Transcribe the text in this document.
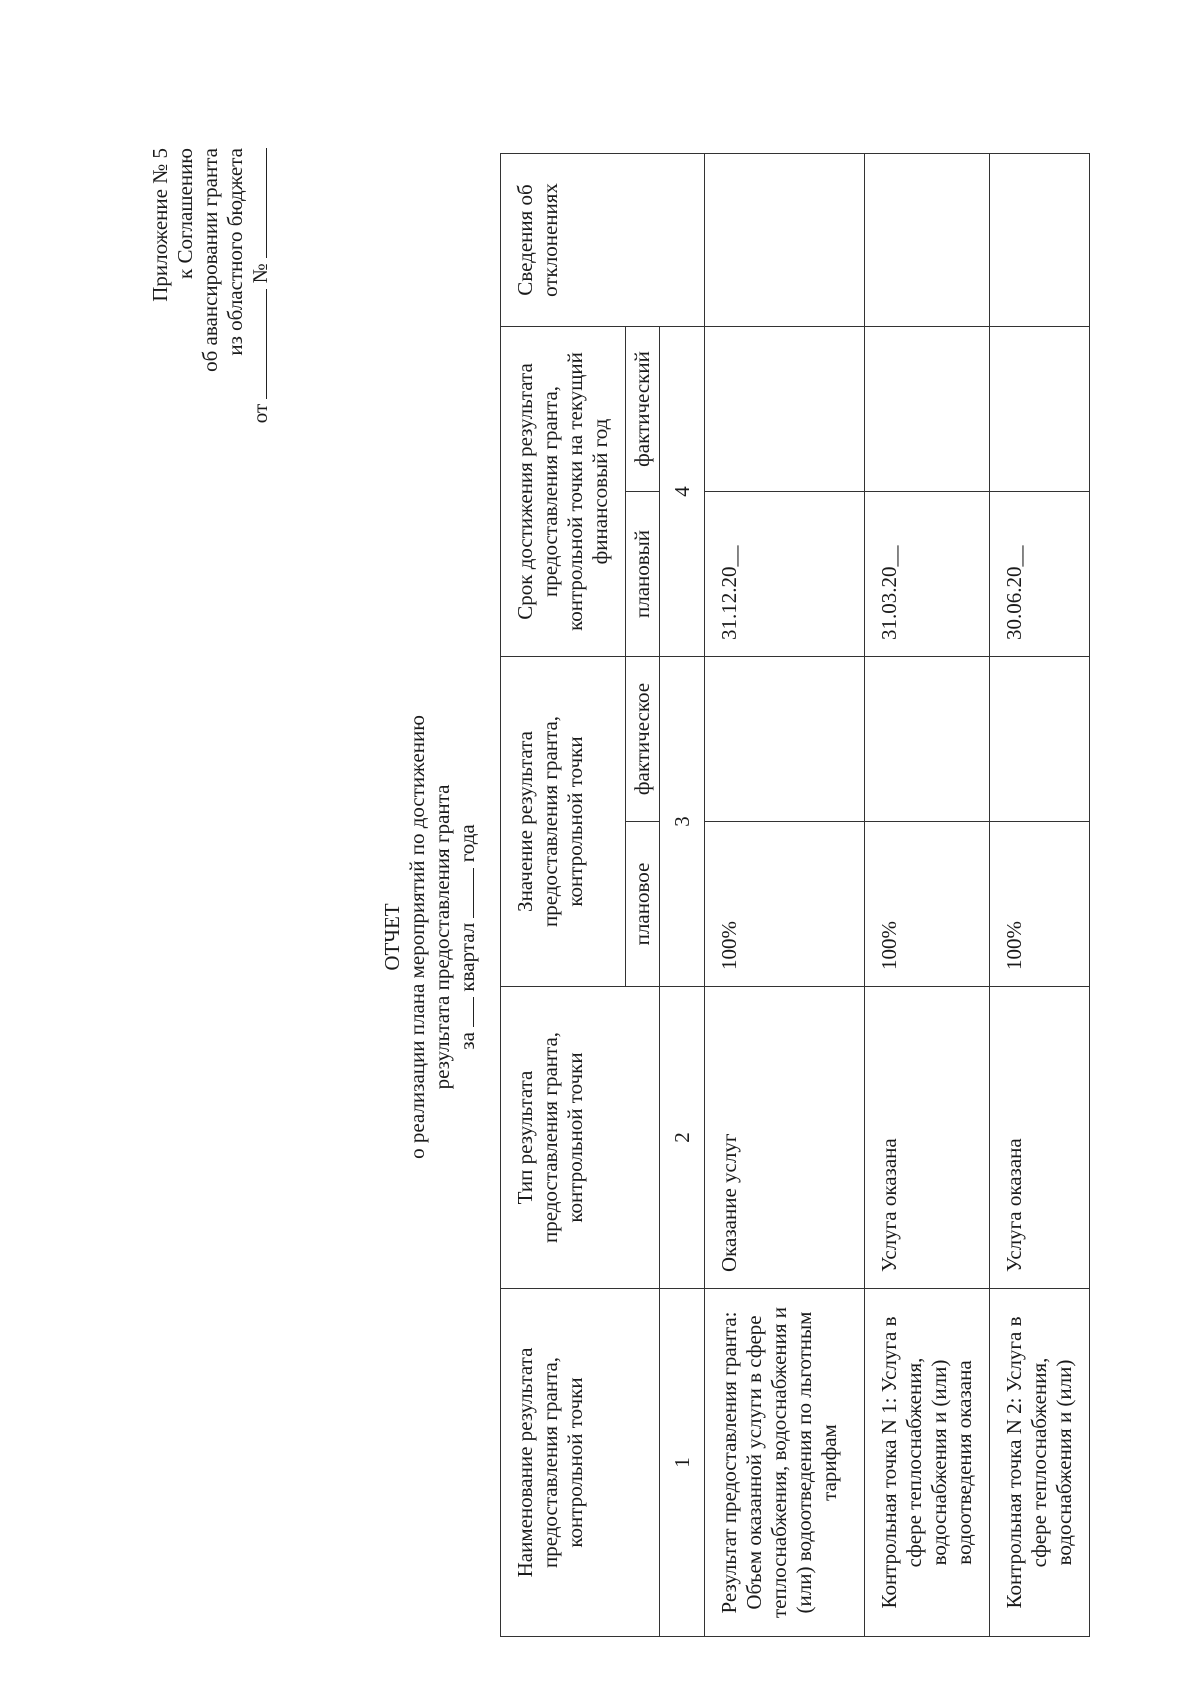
Приложение № 5 к Соглашению об авансировании гранта из областного бюджета
от  №
ОТЧЕТ о реализации плана мероприятий по достижению результата предоставления гранта за  квартал  года
Наименование результата предоставления гранта, контрольной точки	Тип результата предоставления гранта, контрольной точки	Значение результата предоставления гранта, контрольной точки		Срок достижения результата предоставления гранта, контрольной точки на текущий финансовый год		Сведения об отклонениях
		плановое	фактическое	плановый	фактический	
1	2	3		4		
Результат предоставления гранта: Объем оказанной услуги в сфере теплоснабжения, водоснабжения и (или) водоотведения по льготным тарифам	Оказание услуг	100%		31.12.20__		
Контрольная точка N 1: Услуга в сфере теплоснабжения, водоснабжения и (или) водоотведения оказана	Услуга оказана	100%		31.03.20__		
Контрольная точка N 2: Услуга в сфере теплоснабжения, водоснабжения и (или)	Услуга оказана	100%		30.06.20__		
